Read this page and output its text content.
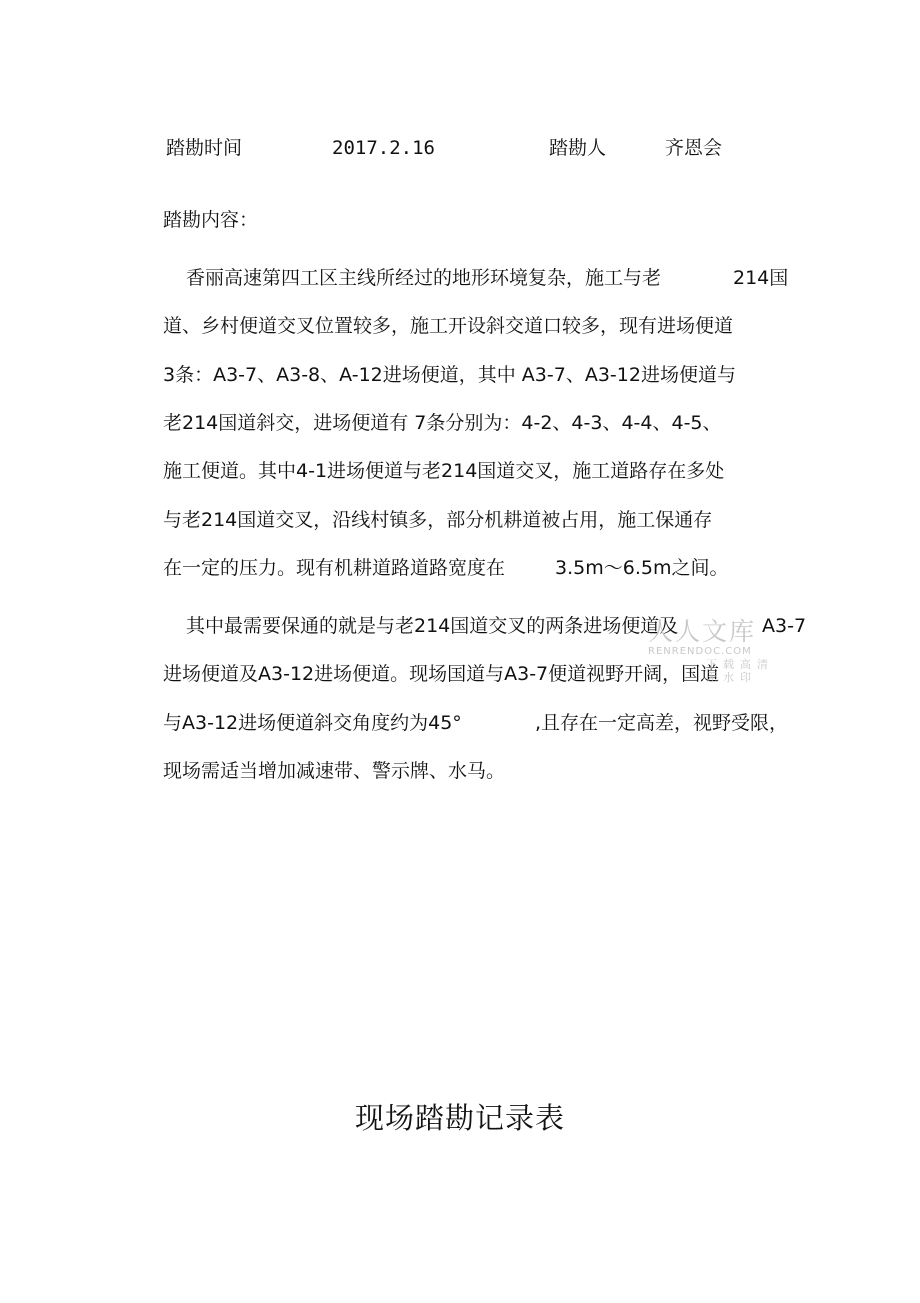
踏勘时间	2017.2.16	踏勘人	齐恩会
踏勘内容：
香丽高速第四工区主线所经过的地形环境复杂，施工与老	214国
道、乡村便道交叉位置较多，施工开设斜交道口较多，现有进场便道
3条：A3-7、A3-8、A-12进场便道，其中 A3-7、A3-12进场便道与
老214国道斜交，进场便道有 7条分别为：4-2、4-3、4-4、4-5、
施工便道。其中4-1进场便道与老214国道交叉，施工道路存在多处
与老214国道交叉，沿线村镇多，部分机耕道被占用，施工保通存
在一定的压力。现有机耕道路道路宽度在	3.5m～6.5m之间。
其中最需要保通的就是与老214国道交叉的两条进场便道及	A3-7
进场便道及A3-12进场便道。现场国道与A3-7便道视野开阔，国道
与A3-12进场便道斜交角度约为45°	,且存在一定高差，视野受限，
现场需适当增加减速带、警示牌、水马。
人人文库
RENRENDOC.COM
下载高清无水印
现场踏勘记录表
